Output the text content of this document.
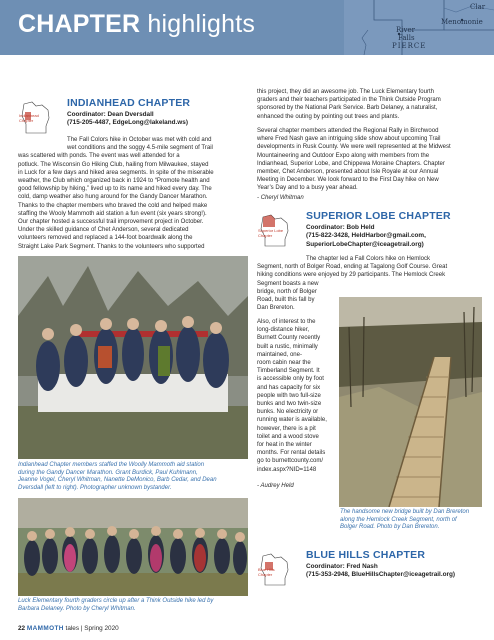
CHAPTER highlights
Clar
Menomonie
River
Falls
PIERCE
Indianhead
Chapter
INDIANHEAD CHAPTER
Coordinator: Dean Dversdall
(715-205-4487, EdgeLong@lakeland.ws)
The Fall Colors hike in October was met with cold and
wet conditions and the soggy 4.5-mile segment of Trail
was scattered with ponds. The event was well attended for a
potluck. The Wisconsin Go Hiking Club, hailing from Milwaukee, stayed
in Luck for a few days and hiked area segments. In spite of the miserable
weather, the Club which organized back in 1924 to “Promote health and
good fellowship by hiking,” lived up to its name and hiked every day. The
cold, damp weather also hung around for the Gandy Dancer Marathon.
Thanks to the chapter members who braved the cold and helped make
staffing the Wooly Mammoth aid station a fun event (six years strong!).
Our chapter hosted a successful trail improvement project in October.
Under the skilled guidance of Chet Anderson, several dedicated
volunteers removed and replaced a 144-foot boardwalk along the
Straight Lake Park Segment. Thanks to the volunteers who supported
Indianhead Chapter members staffed the Woolly Mammoth aid station
during the Gandy Dancer Marathon. Grant Burdick, Paul Kuhlmann,
Jeanne Vogel, Cheryl Whitman, Nanette DeMonico, Barb Cedar, and Dean
Dversdall (left to right). Photographer unknown bystander.
Luck Elementary fourth graders circle up after a Think Outside hike led by
Barbara Delaney. Photo by Cheryl Whitman.
this project, they did an awesome job. The Luck Elementary fourth
graders and their teachers participated in the Think Outside Program
sponsored by the National Park Service. Barb Delaney, a naturalist,
enhanced the outing by pointing out trees and plants.
Several chapter members attended the Regional Rally in Birchwood
where Fred Nash gave an intriguing slide show about upcoming Trail
developments in Rusk County. We were well represented at the Midwest
Mountaineering and Outdoor Expo along with members from the
Indianhead, Superior Lobe, and Chippewa Moraine Chapters. Chapter
member, Chet Anderson, presented about Isle Royale at our Annual
Meeting in December. We look forward to the First Day hike on New
Year’s Day and to a busy year ahead.
- Cheryl Whitman
Superior Lobe
Chapter
SUPERIOR LOBE CHAPTER
Coordinator: Bob Held
(715-822-3428, HeldHarbor@gmail.com,
SuperiorLobeChapter@iceagetrail.org)
The chapter led a Fall Colors hike on Hemlock
Segment, north of Bolger Road, ending at Tagalong Golf Course. Great
hiking conditions were enjoyed by 29 participants. The Hemlock Creek
Segment boasts a new
bridge, north of Bolger
Road, built this fall by
Dan Brereton.
Also, of interest to the
long-distance hiker,
Burnett County recently
built a rustic, minimally
maintained, one-
room cabin near the
Timberland Segment. It
is accessible only by foot
and has capacity for six
people with two full-size
bunks and two twin-size
bunks. No electricity or
running water is available,
however, there is a pit
toilet and a wood stove
for heat in the winter
months. For rental details
go to burnettcounty.com/
index.aspx?NID=1148
- Audrey Held
The handsome new bridge built by Dan Brereton
along the Hemlock Creek Segment, north of
Bolger Road. Photo by Dan Brereton.
Blue Hills
Chapter
BLUE HILLS CHAPTER
Coordinator: Fred Nash
(715-353-2948, BlueHillsChapter@iceagetrail.org)
22 MAMMOTH tales | Spring 2020
